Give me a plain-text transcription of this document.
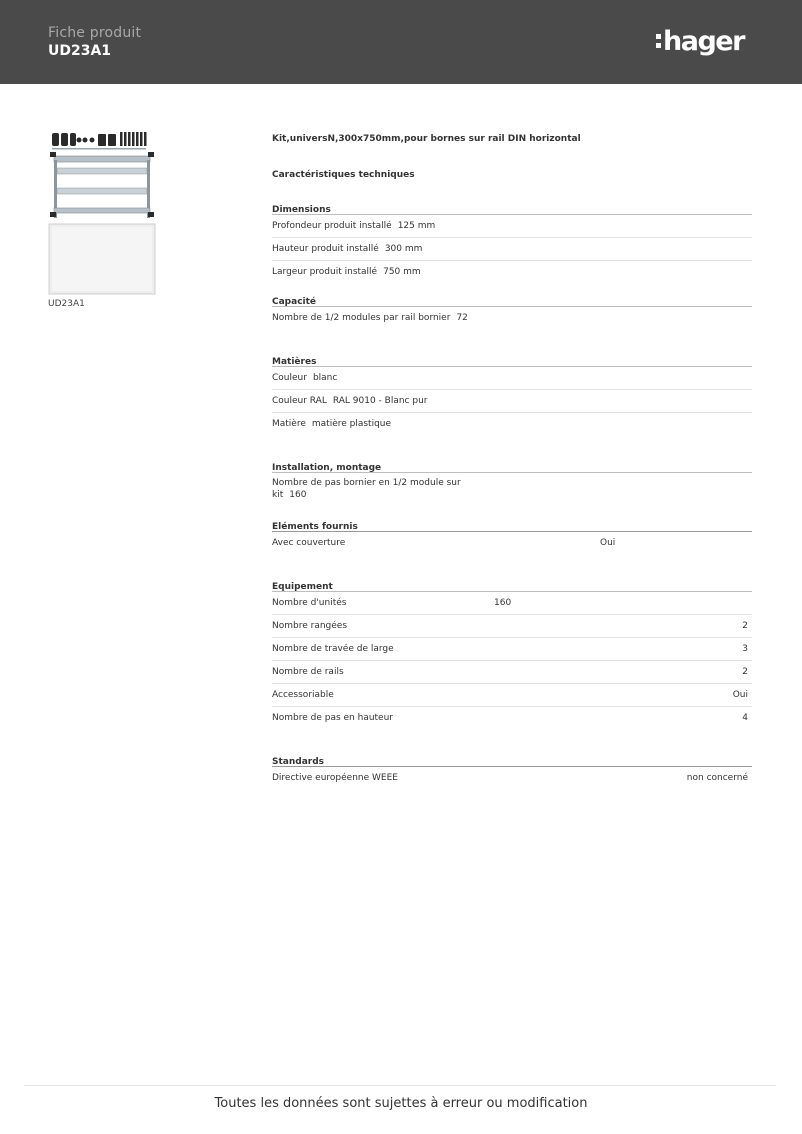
Fiche produit
UD23A1	hager
UD23A1
Kit,universN,300x750mm,pour bornes sur rail DIN horizontal
Caractéristiques techniques
Dimensions
Profondeur produit installé 125 mm
Hauteur produit installé 300 mm
Largeur produit installé 750 mm
Capacité
Nombre de 1/2 modules par rail bornier 72
Matières
Couleur blanc
Couleur RAL RAL 9010 - Blanc pur
Matière matière plastique
Installation, montage
Nombre de pas bornier en 1/2 module sur
kit 160
Eléments fournis
Avec couverture	Oui
Equipement
Nombre d'unités	160
Nombre rangées	2
Nombre de travée de large	3
Nombre de rails	2
Accessoriable	Oui
Nombre de pas en hauteur	4
Standards
Directive européenne WEEE	non concerné
Toutes les données sont sujettes à erreur ou modification
